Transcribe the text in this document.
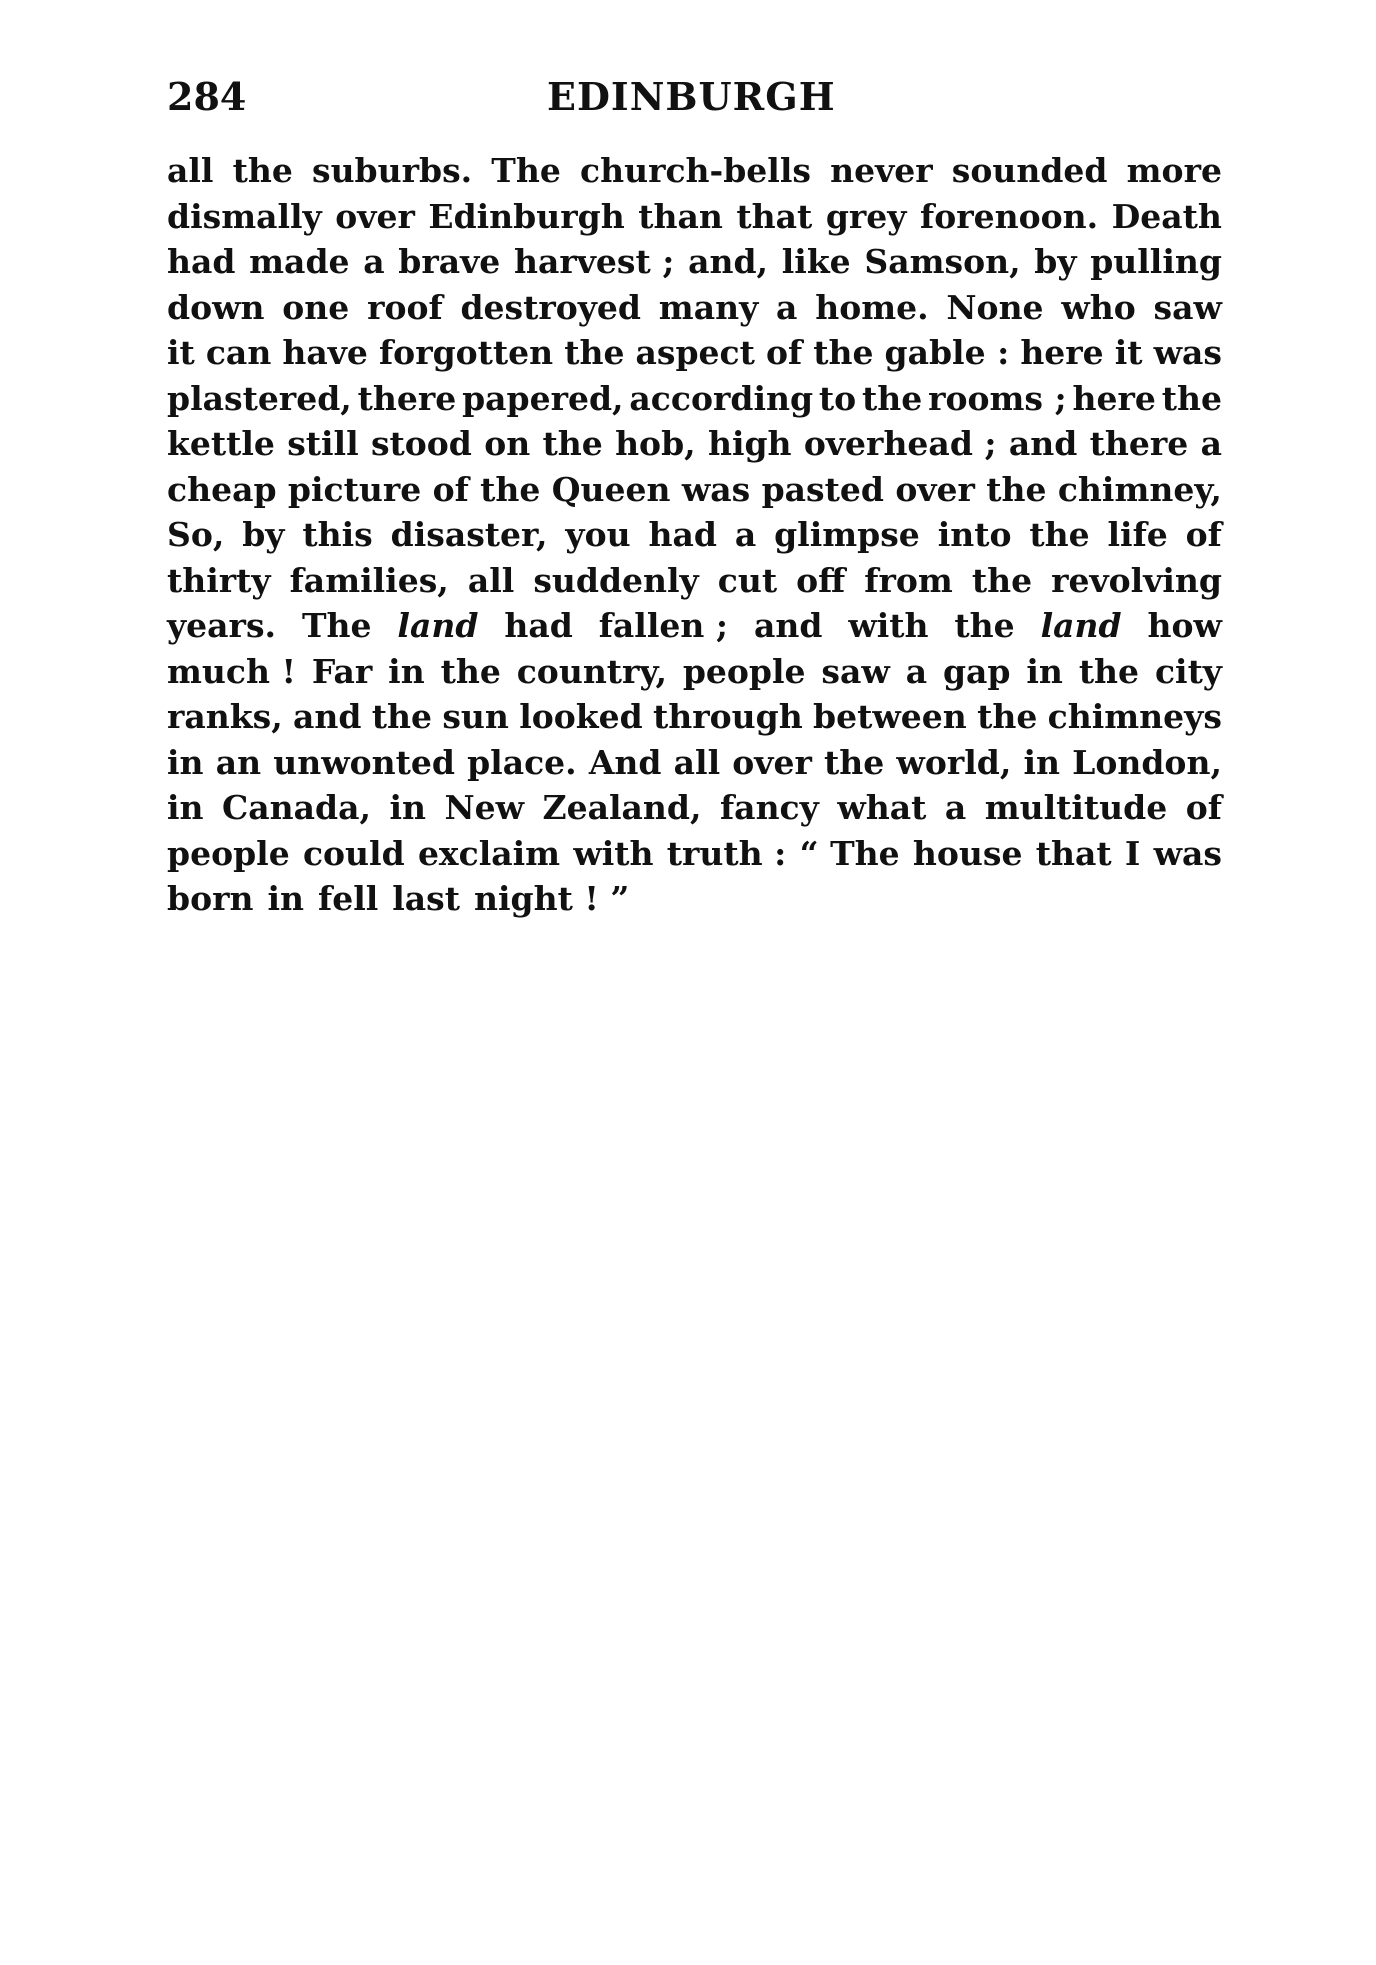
284	EDINBURGH
all the suburbs. The church-bells never sounded more
dismally over Edinburgh than that grey forenoon. Death
had made a brave harvest ; and, like Samson, by pulling
down one roof destroyed many a home. None who saw
it can have forgotten the aspect of the gable : here it was
plastered, there papered, according to the rooms ; here the
kettle still stood on the hob, high overhead ; and there a
cheap picture of the Queen was pasted over the chimney,
So, by this disaster, you had a glimpse into the life of
thirty families, all suddenly cut off from the revolving
years. The land had fallen ; and with the land how
much ! Far in the country, people saw a gap in the city
ranks, and the sun looked through between the chimneys
in an unwonted place. And all over the world, in London,
in Canada, in New Zealand, fancy what a multitude of
people could exclaim with truth : “ The house that I was
born in fell last night ! ”
